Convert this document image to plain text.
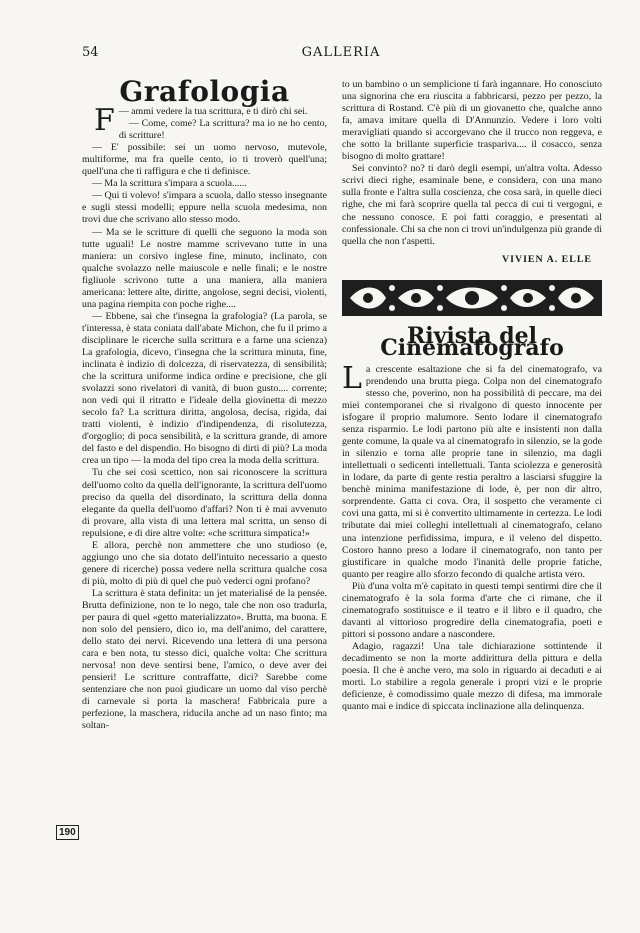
54	GALLERIA
Grafologia

—
F ammi vedere la tua scrittura, e ti dirò chi sei.

— Come, come? La scrittura? ma io ne ho cento, di scritture!

— E' possibile: sei un uomo nervoso, mutevole, multiforme, ma fra quelle cento, io ti troverò quell'una; quell'una che ti raffigura e che ti definisce.

— Ma la scrittura s'impara a scuola......

— Qui ti volevo! s'impara a scuola, dallo stesso insegnante e sugli stessi modelli; eppure nella scuola medesima, non trovi due che scrivano allo stesso modo.

— Ma se le scritture di quelli che seguono la moda son tutte uguali! Le nostre mamme scrivevano tutte in una maniera: un corsivo inglese fine, minuto, inclinato, con qualche svolazzo nelle maiuscole e nelle finali; e le nostre figliuole scrivono tutte a una maniera, alla maniera americana: lettere alte, diritte, angolose, segni decisi, violenti, una pagina riempita con poche righe....

— Ebbene, sai che t'insegna la grafologia? (La parola, se t'interessa, è stata coniata dall'abate Michon, che fu il primo a disciplinare le ricerche sulla scrittura e a farne una scienza) La grafologia, dicevo, t'insegna che la scrittura minuta, fine, inclinata è indizio di dolcezza, di riservatezza, di sensibilità; che la scrittura uniforme indica ordine e precisione, che gli svolazzi sono rivelatori di vanità, di buon gusto.... corrente; non vedi qui il ritratto e l'ideale della giovinetta di mezzo secolo fa? La scrittura diritta, angolosa, decisa, rigida, dai tratti violenti, è indizio d'indipendenza, di risolutezza, d'orgoglio; di poca sensibilità, e la scrittura grande, di amore del fasto e del dispendio. Ho bisogno di dirti di più? La moda crea un tipo — la moda del tipo crea la moda della scrittura.

Tu che sei così scettico, non sai riconoscere la scrittura dell'uomo colto da quella dell'ignorante, la scrittura dell'uomo preciso da quella del disordinato, la scrittura della donna elegante da quella dell'uomo d'affari? Non ti è mai avvenuto di provare, alla vista di una lettera mal scritta, un senso di repulsione, e di dire altre volte: «che scrittura simpatica!»

E allora, perchè non ammettere che uno studioso (e, aggiungo uno che sia dotato dell'intuito necessario a questo genere di ricerche) possa vedere nella scrittura qualche cosa di più, molto di più di quel che può vederci ogni profano?

La scrittura è stata definita: un jet materialisé de la pensée. Brutta definizione, non te lo nego, tale che non oso tradurla, per paura di quel «getto materializzato». Brutta, ma buona. E non solo del pensiero, dico io, ma dell'animo, del carattere, dello stato dei nervi. Ricevendo una lettera di una persona cara e ben nota, tu stesso dici, qualche volta: Che scrittura nervosa! non deve sentirsi bene, l'amico, o deve aver dei pensieri! Le scritture contraffatte, dici? Sarebbe come sentenziare che non puoi giudicare un uomo dal viso perchè di carnevale si porta la maschera! Fabbricala pure a perfezione, la maschera, riducila anche ad un naso finto; ma soltan-

to un bambino o un semplicione ti farà ingannare. Ho conosciuto una signorina che era riuscita a fabbricarsi, pezzo per pezzo, la scrittura di Rostand. C'è più di un giovanetto che, qualche anno fa, amava imitare quella di D'Annunzio. Vedere i loro volti meravigliati quando si accorgevano che il trucco non reggeva, e che sotto la brillante superficie trasparivа.... il cosacco, senza bisogno di molto grattare!

Sei convinto? no? ti darò degli esempi, un'altra volta. Adesso scrivi dieci righe, esaminale bene, e considera, con una mano sulla fronte e l'altra sulla coscienza, che cosa sarà, in quelle dieci righe, che mi farà scoprire quella tal pecca di cui ti vergogni, e che nessuno conosce. E poi fatti coraggio, e presentati al confessionale. Chi sa che non ci trovi un'indulgenza più grande di quella che non t'aspetti.

VIVIEN A. ELLE
Rivista del Cinematografo

La crescente esaltazione che si fa del cinematografo, va prendendo una brutta piega. Colpa non del cinematografo stesso che, poverino, non ha possibilità di peccare, ma dei miei contemporanei che si rivalgono di questo innocente per isfogare il proprio malumore. Sento lodare il cinematografo senza risparmio. Le lodi partono più alte e insistenti non dalla gente comune, la quale va al cinematografo in silenzio, se la gode in silenzio e torna alle proprie tane in silenzio, ma dagli intellettuali o sedicenti intellettuali. Tanta sciolezza e generosità in lodare, da parte di gente restia peraltro a lasciarsi sfuggire la benchè minima manifestazione di lode, è, per non dir altro, sorprendente. Gatta ci cova. Ora, il sospetto che veramente ci covi una gatta, mi si è convertito ultimamente in certezza. Le lodi tributate dai miei colleghi intellettuali al cinematografo, celano una intenzione perfidissima, impura, e il veleno del dispetto. Costoro hanno preso a lodare il cinematografo, non tanto per giustificare in qualche modo l'inanità delle proprie fatiche, quanto per reagire allo sforzo fecondo di qualche artista vero.

Più d'una volta m'è capitato in questi tempi sentirmi dire che il cinematografo è la sola forma d'arte che ci rimane, che il cinematografo sostituisce e il teatro e il libro e il quadro, che davanti al vittorioso progredire della cinematografia, poeti e pittori si possono andare a nascondere.

Adagio, ragazzi! Una tale dichiarazione sottintende il decadimento se non la morte addirittura della pittura e della poesia. Il che è anche vero, ma solo in riguardo ai decaduti e ai morti. Lo stabilire a regola generale i propri vizi e le proprie deficienze, è comodissimo quale mezzo di difesa, ma immorale quanto mai e indice di spiccata inclinazione alla delinquenza.

190
